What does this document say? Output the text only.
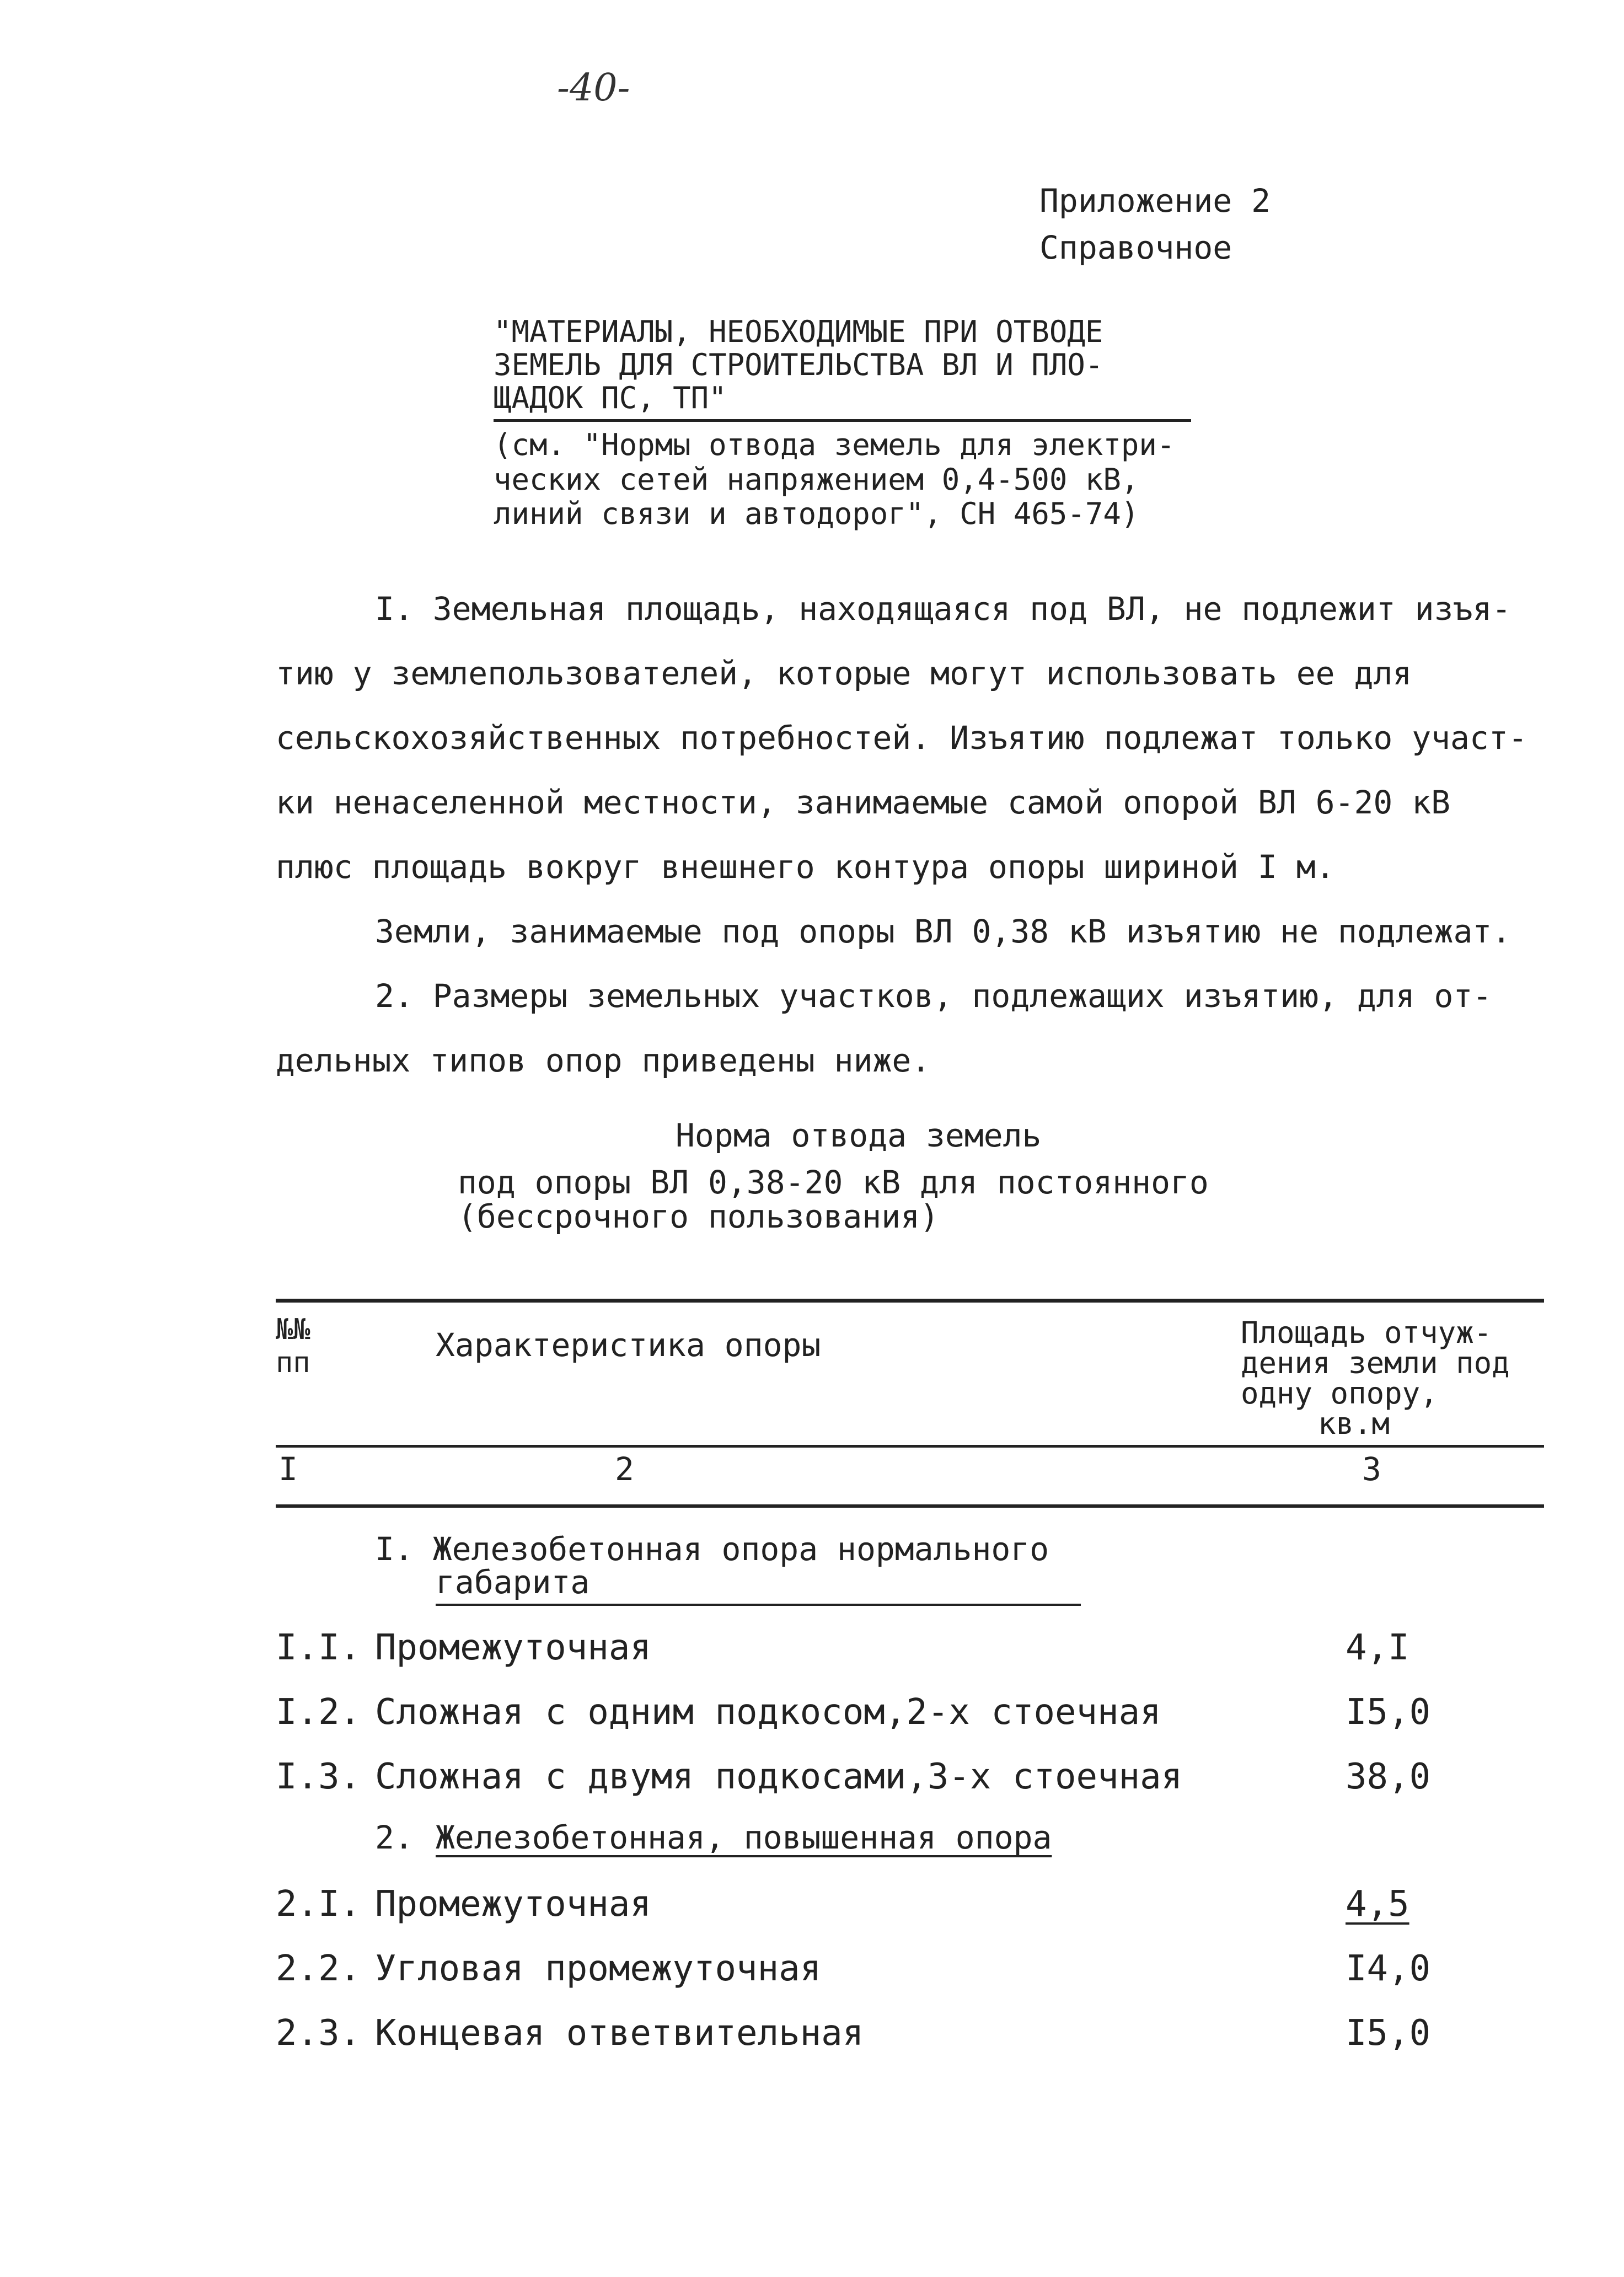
-40-

Приложение 2

Справочное

"МАТЕРИАЛЫ, НЕОБХОДИМЫЕ ПРИ ОТВОДЕ

ЗЕМЕЛЬ ДЛЯ СТРОИТЕЛЬСТВА ВЛ И ПЛО-

ЩАДОК ПС, ТП"

(см. "Нормы отвода земель для электри-

ческих сетей напряжением 0,4-500 кВ,

линий связи и автодорог", СН 465-74)

I. Земельная площадь, находящаяся под ВЛ, не подлежит изъя-

тию у землепользователей, которые могут использовать ее для

сельскохозяйственных потребностей. Изъятию подлежат только участ-

ки ненаселенной местности, занимаемые самой опорой ВЛ 6-20 кВ

плюс площадь вокруг внешнего контура опоры шириной I м.

Земли, занимаемые под опоры ВЛ 0,38 кВ изъятию не подлежат.

2. Размеры земельных участков, подлежащих изъятию, для от-

дельных типов опор приведены ниже.

Норма отвода земель

под опоры ВЛ 0,38-20 кВ для постоянного

(бессрочного пользования)

№№

пп	Характеристика опоры	Площадь отчуж-

дения земли под

одну опору,

кв.м

I	2	3

I. Железобетонная опора нормального

габарита

I.I. Промежуточная	4,I

I.2. Сложная с одним подкосом,2-х стоечная	I5,0

I.3. Сложная с двумя подкосами,3-х стоечная	38,0

2. Железобетонная, повышенная опора

2.I. Промежуточная	4,5

2.2. Угловая промежуточная	I4,0

2.3. Концевая ответвительная	I5,0
